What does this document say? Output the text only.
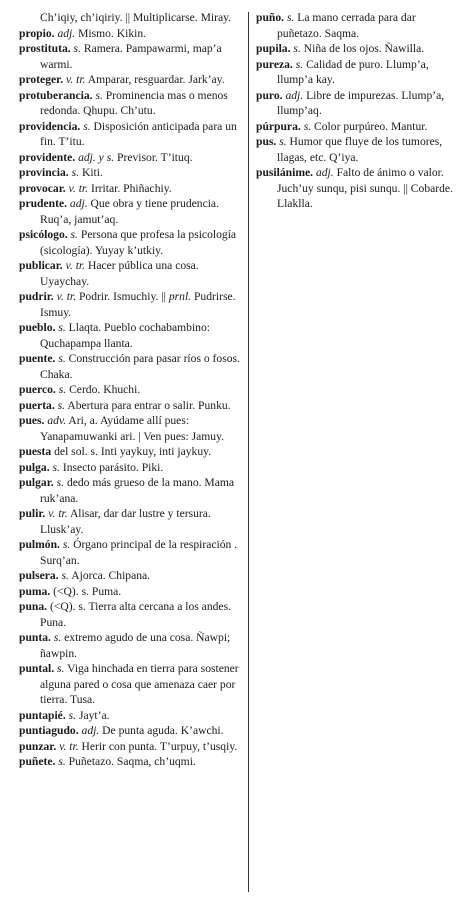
Ch’iqiy, ch’iqiriy. || Multiplicarse. Miray.

propio. adj. Mismo. Kikin.

prostituta. s. Ramera. Pampawarmi, map’a warmi.

proteger. v. tr. Amparar, resguardar. Jark’ay.

protuberancia. s. Prominencia mas o menos redonda. Qhupu. Ch’utu.

providencia. s. Disposición anticipada para un fin. T’itu.

providente. adj. y s. Previsor. T’ituq.

provincia. s. Kiti.

provocar. v. tr. Irritar. Phiñachiy.

prudente. adj. Que obra y tiene prudencia. Ruq’a, jamut’aq.

psicólogo. s. Persona que profesa la psicología (sicología). Yuyay k’utkiy.

publicar. v. tr. Hacer pública una cosa. Uyaychay.

pudrir. v. tr. Podrir. Ismuchiy. || prnl. Pudrirse. Ismuy.

pueblo. s. Llaqta. Pueblo cochabambino: Quchapampa llanta.

puente. s. Construcción para pasar ríos o fosos. Chaka.

puerco. s. Cerdo. Khuchi.

puerta. s. Abertura para entrar o salir. Punku.

pues. adv. Ari, a. Ayúdame allí pues: Yanapamuwanki ari. | Ven pues: Jamuy.

puesta del sol. s. Inti yaykuy, inti jaykuy.

pulga. s. Insecto parásito. Piki.

pulgar. s. dedo más grueso de la mano. Mama ruk’ana.

pulir. v. tr. Alisar, dar dar lustre y tersura. Llusk’ay.

pulmón. s. Órgano principal de la respiración . Surq’an.

pulsera. s. Ajorca. Chipana.

puma. (<Q). s. Puma.

puna. (<Q). s. Tierra alta cercana a los andes. Puna.

punta. s. extremo agudo de una cosa. Ñawpi; ñawpin.

puntal. s. Viga hinchada en tierra para sostener alguna pared o cosa que amenaza caer por tierra. Tusa.

puntapié. s. Jayt’a.

puntiagudo. adj. De punta aguda. K’awchi.

punzar. v. tr. Herir con punta. T’urpuy, t’usqiy.

puñete. s. Puñetazo. Saqma, ch’uqmi.

puño. s. La mano cerrada para dar puñetazo. Saqma.

pupila. s. Niña de los ojos. Ñawilla.

pureza. s. Calidad de puro. Llump’a, llump’a kay.

puro. adj. Libre de impurezas. Llump’a, llump’aq.

púrpura. s. Color purpúreo. Mantur.

pus. s. Humor que fluye de los tumores, llagas, etc. Q’iya.

pusilánime. adj. Falto de ánimo o valor. Juch’uy sunqu, pisi sunqu. || Cobarde. Llaklla.
